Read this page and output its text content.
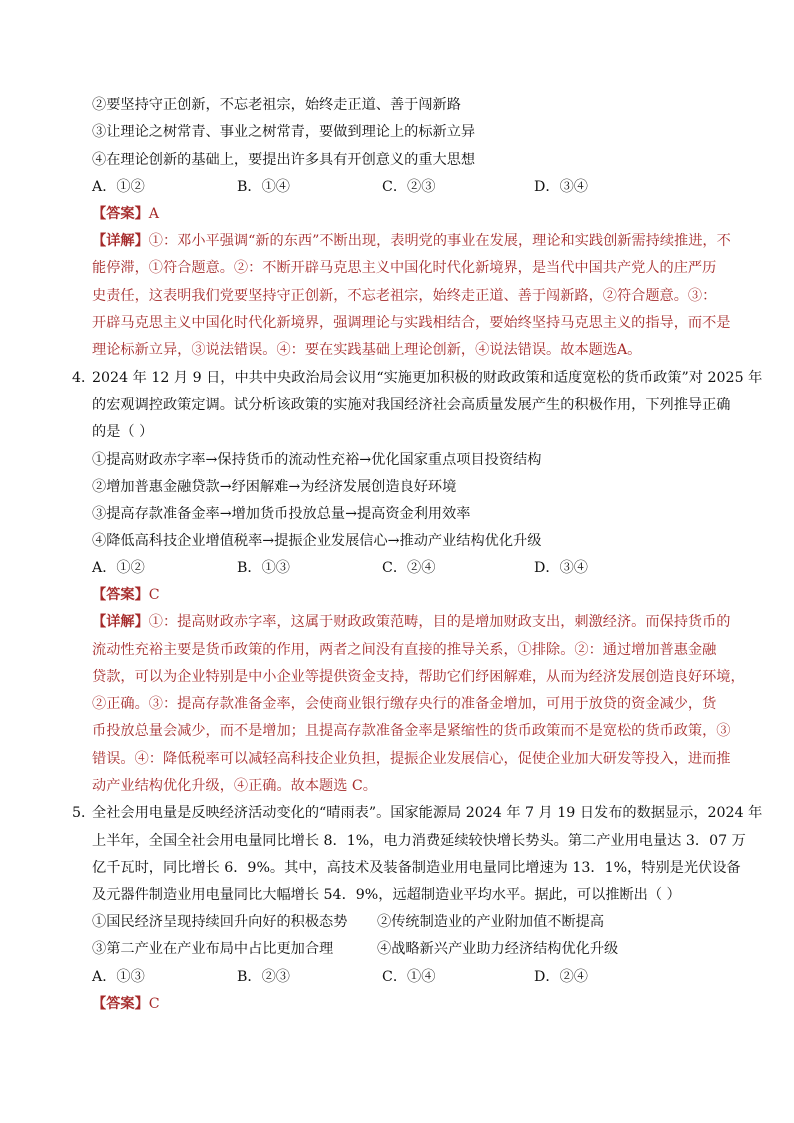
②要坚持守正创新，不忘老祖宗，始终走正道、善于闯新路
③让理论之树常青、事业之树常青，要做到理论上的标新立异
④在理论创新的基础上，要提出许多具有开创意义的重大思想
A．①②	B．①④	C．②③	D．③④
【答案】A
【详解】①：邓小平强调“新的东西”不断出现，表明党的事业在发展，理论和实践创新需持续推进，不
能停滞，①符合题意。②：不断开辟马克思主义中国化时代化新境界，是当代中国共产党人的庄严历
史责任，这表明我们党要坚持守正创新，不忘老祖宗，始终走正道、善于闯新路，②符合题意。③：
开辟马克思主义中国化时代化新境界，强调理论与实践相结合，要始终坚持马克思主义的指导，而不是
理论标新立异，③说法错误。④：要在实践基础上理论创新，④说法错误。故本题选A。
4．
2024 年 12 月 9 日，中共中央政治局会议用“实施更加积极的财政政策和适度宽松的货币政策”对 2025 年
的宏观调控政策定调。试分析该政策的实施对我国经济社会高质量发展产生的积极作用，下列推导正确
的是（ ）
①提高财政赤字率→保持货币的流动性充裕→优化国家重点项目投资结构
②增加普惠金融贷款→纾困解难→为经济发展创造良好环境
③提高存款准备金率→增加货币投放总量→提高资金利用效率
④降低高科技企业增值税率→提振企业发展信心→推动产业结构优化升级
A．①②	B．①③	C．②④	D．③④
【答案】C
【详解】①：提高财政赤字率，这属于财政政策范畴，目的是增加财政支出，刺激经济。而保持货币的
流动性充裕主要是货币政策的作用，两者之间没有直接的推导关系，①排除。②：通过增加普惠金融
贷款，可以为企业特别是中小企业等提供资金支持，帮助它们纾困解难，从而为经济发展创造良好环境，
②正确。③：提高存款准备金率，会使商业银行缴存央行的准备金增加，可用于放贷的资金减少，货
币投放总量会减少，而不是增加；且提高存款准备金率是紧缩性的货币政策而不是宽松的货币政策，③
错误。④：降低税率可以减轻高科技企业负担，提振企业发展信心，促使企业加大研发等投入，进而推
动产业结构优化升级，④正确。故本题选 C。
5．
全社会用电量是反映经济活动变化的“晴雨表”。国家能源局 2024 年 7 月 19 日发布的数据显示，2024 年
上半年，全国全社会用电量同比增长 8．1%，电力消费延续较快增长势头。第二产业用电量达 3．07 万
亿千瓦时，同比增长 6．9%。其中，高技术及装备制造业用电量同比增速为 13．1%，特别是光伏设备
及元器件制造业用电量同比大幅增长 54．9%，远超制造业平均水平。据此，可以推断出（ ）
①国民经济呈现持续回升向好的积极态势 ②传统制造业的产业附加值不断提高
③第二产业在产业布局中占比更加合理	④战略新兴产业助力经济结构优化升级
A．①③	B．②③	C．①④	D．②④
【答案】C
